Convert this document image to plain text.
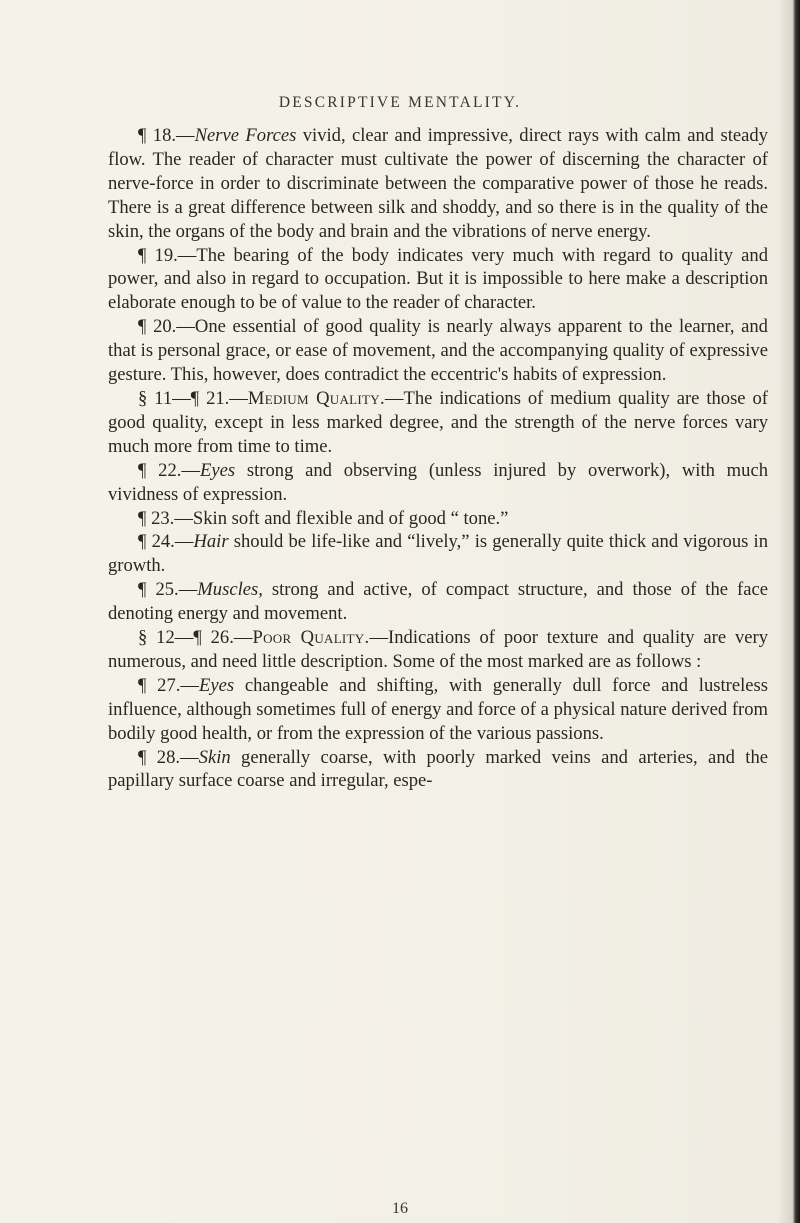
DESCRIPTIVE MENTALITY.

¶ 18.—Nerve Forces vivid, clear and impressive, direct rays with calm and steady flow. The reader of character must cultivate the power of discerning the character of nerve-force in order to discriminate between the comparative power of those he reads. There is a great difference between silk and shoddy, and so there is in the quality of the skin, the organs of the body and brain and the vibrations of nerve energy.

¶ 19.—The bearing of the body indicates very much with regard to quality and power, and also in regard to occupation. But it is impossible to here make a description elaborate enough to be of value to the reader of character.

¶ 20.—One essential of good quality is nearly always apparent to the learner, and that is personal grace, or ease of movement, and the accompanying quality of expressive gesture. This, however, does contradict the eccentric's habits of expression.

§ 11—¶ 21.—Medium Quality.—The indications of medium quality are those of good quality, except in less marked degree, and the strength of the nerve forces vary much more from time to time.

¶ 22.—Eyes strong and observing (unless injured by overwork), with much vividness of expression.

¶ 23.—Skin soft and flexible and of good “ tone.”

¶ 24.—Hair should be life-like and “lively,” is generally quite thick and vigorous in growth.

¶ 25.—Muscles, strong and active, of compact structure, and those of the face denoting energy and movement.

§ 12—¶ 26.—Poor Quality.—Indications of poor texture and quality are very numerous, and need little description. Some of the most marked are as follows :

¶ 27.—Eyes changeable and shifting, with generally dull force and lustreless influence, although sometimes full of energy and force of a physical nature derived from bodily good health, or from the expression of the various passions.

¶ 28.—Skin generally coarse, with poorly marked veins and arteries, and the papillary surface coarse and irregular, espe-

16
